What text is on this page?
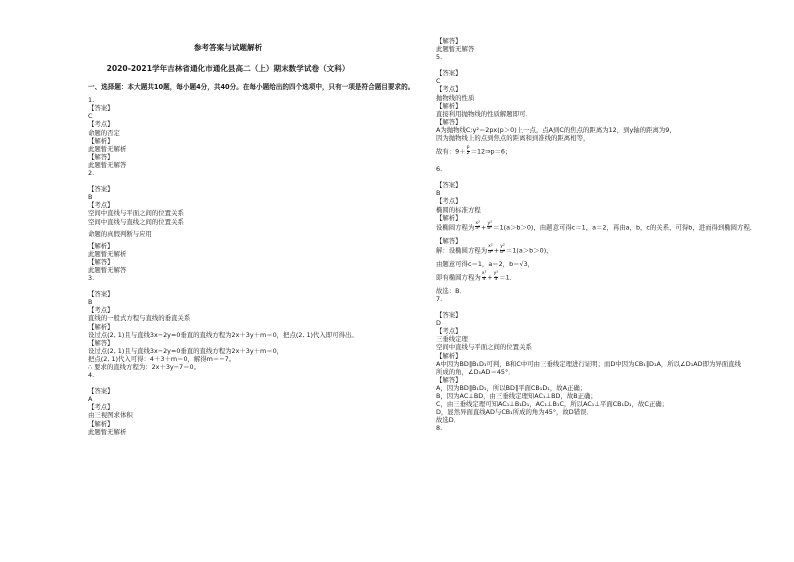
参考答案与试题解析
2020-2021学年吉林省通化市通化县高二（上）期末数学试卷（文科）
一、选择题：本大题共10题，每小题4分，共40分。在每小题给出的四个选项中，只有一项是符合题目要求的。
1.
【答案】
C
【考点】
命题的否定
【解析】
此题暂无解析
【解答】
此题暂无解答
2.
【答案】
B
【考点】
空间中直线与平面之间的位置关系
空间中直线与直线之间的位置关系
命题的真假判断与应用
【解析】
此题暂无解析
【解答】
此题暂无解答
3.
【答案】
B
【考点】
直线的一般式方程与直线的垂直关系
【解析】
设过点(2, 1)且与直线3x−2y=0垂直的直线方程为2x＋3y＋m＝0，把点(2, 1)代入即可得出。
【解答】
设过点(2, 1)且与直线3x−2y=0垂直的直线方程为2x＋3y＋m＝0，
把点(2, 1)代入可得：4＋3＋m＝0，解得m＝−7。
∴ 要求的直线方程为：2x＋3y−7＝0。
4.
【答案】
A
【考点】
由三视图求体积
【解析】
此题暂无解析
【解答】
此题暂无解答
5.
【答案】
C
【考点】
抛物线的性质
【解析】
直接利用抛物线的性质解题即可．
【解答】
A为抛物线C:y²＝2px(p＞0)上一点，点A到C的焦点的距离为12，到y轴的距离为9，
因为抛物线上的点到焦点的距离和到准线的距离相等，
故有：$9+ \frac{p}{2}$ ＝12⇒p＝6；
6.
【答案】
B
【考点】
椭圆的标准方程
【解析】
设椭圆方程为 $\frac{\text{x²}}{\text{a²}} + \frac{\text{y²}}{\text{b²}} =1(a>b>0)$，由题意可得c＝1，a＝2，再由a，b，c的关系，可得b，进而得到椭圆方程．
【解答】
解：设椭圆方程为 $\frac{\text{x²}}{\text{a²}} + \frac{\text{y²}}{\text{b²}} =1(a>b>0)$，
由题意可得c＝1，a＝2，b＝√3，
即有椭圆方程为 $\frac{\text{x²}}{4} + \frac{\text{y²}}{3} =1$．
故选：B．
7.
【答案】
D
【考点】
三垂线定理
空间中直线与平面之间的位置关系
【解析】
A中因为BD∥B₁D₁可判，B和C中可由三垂线定理进行证明；而D中因为CB₁∥D₁A，所以∠D₁AD即为异面直线
所成的角，∠D₁AD＝45°．
【解答】
A，因为BD∥B₁D₁，所以BD∥平面CB₁D₁，故A正确；
B，因为AC⊥BD，由三垂线定理知AC₁⊥BD，故B正确；
C，由三垂线定理可知AC₁⊥B₁D₁，AC₁⊥B₁C，所以AC₁⊥平面CB₁D₁，故C正确；
D，显然异面直线AD与CB₁所成的角为45°，故D错误．
故选D．
8.
